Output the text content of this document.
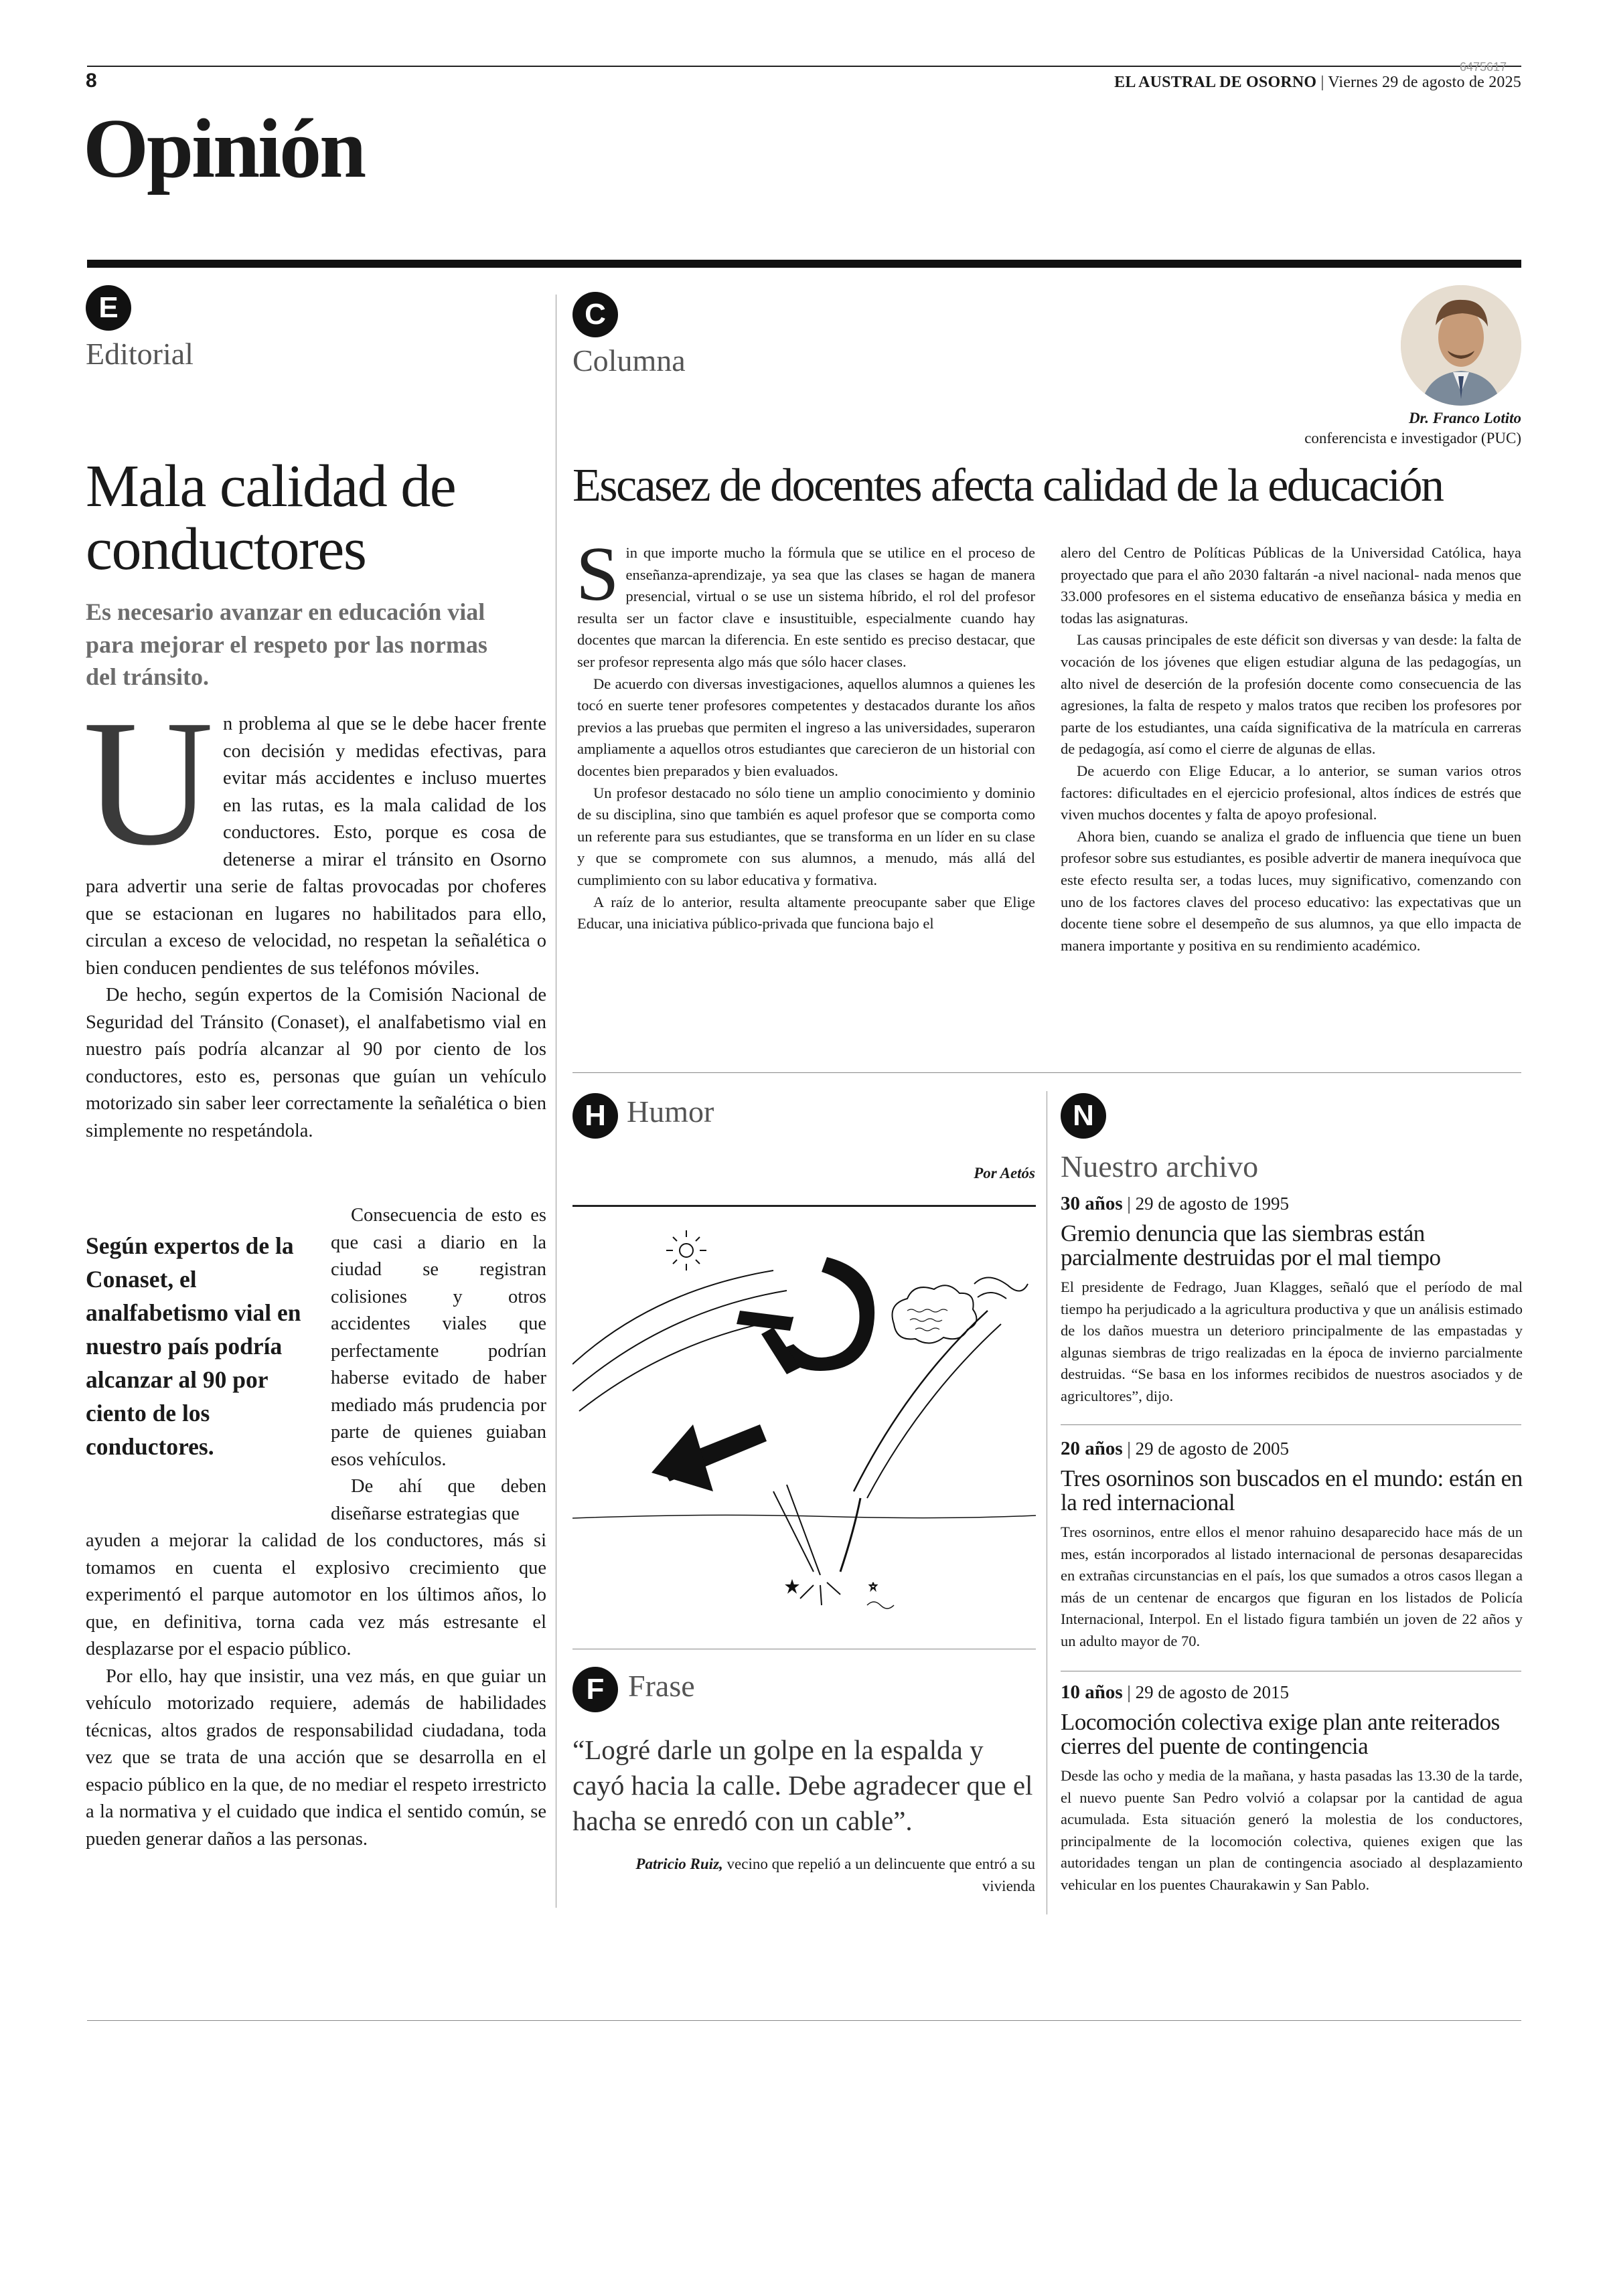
8
6475617
EL AUSTRAL DE OSORNO | Viernes 29 de agosto de 2025
Opinión
E
Editorial
Mala calidad de conductores
Es necesario avanzar en educación vial para mejorar el respeto por las normas del tránsito.

Un problema al que se le debe hacer frente con decisión y medidas efectivas, para evitar más accidentes e incluso muertes en las rutas, es la mala calidad de los conductores. Esto, porque es cosa de detenerse a mirar el tránsito en Osorno para advertir una serie de faltas provocadas por choferes que se estacionan en lugares no habilitados para ello, circulan a exceso de velocidad, no respetan la señalética o bien conducen pendientes de sus teléfonos móviles.

De hecho, según expertos de la Comisión Nacional de Seguridad del Tránsito (Conaset), el analfabetismo vial en nuestro país podría alcanzar al 90 por ciento de los conductores, esto es, personas que guían un vehículo motorizado sin saber leer correctamente la señalética o bien simplemente no respetándola.

Según expertos de la Conaset, el analfabetismo vial en nuestro país podría alcanzar al 90 por ciento de los conductores.

Consecuencia de esto es que casi a diario en la ciudad se registran colisiones y otros accidentes viales que perfectamente podrían haberse evitado de haber mediado más prudencia por parte de quienes guiaban esos vehículos.

De ahí que deben diseñarse estrategias que

ayuden a mejorar la calidad de los conductores, más si tomamos en cuenta el explosivo crecimiento que experimentó el parque automotor en los últimos años, lo que, en definitiva, torna cada vez más estresante el desplazarse por el espacio público.

Por ello, hay que insistir, una vez más, en que guiar un vehículo motorizado requiere, además de habilidades técnicas, altos grados de responsabilidad ciudadana, toda vez que se trata de una acción que se desarrolla en el espacio público en la que, de no mediar el respeto irrestricto a la normativa y el cuidado que indica el sentido común, se pueden generar daños a las personas.

C
Columna
Dr. Franco Lotito
conferencista e investigador (PUC)
Escasez de docentes afecta calidad de la educación

Sin que importe mucho la fórmula que se utilice en el proceso de enseñanza-aprendizaje, ya sea que las clases se hagan de manera presencial, virtual o se use un sistema híbrido, el rol del profesor resulta ser un factor clave e insustituible, especialmente cuando hay docentes que marcan la diferencia. En este sentido es preciso destacar, que ser profesor representa algo más que sólo hacer clases.

De acuerdo con diversas investigaciones, aquellos alumnos a quienes les tocó en suerte tener profesores competentes y destacados durante los años previos a las pruebas que permiten el ingreso a las universidades, superaron ampliamente a aquellos otros estudiantes que carecieron de un historial con docentes bien preparados y bien evaluados.

Un profesor destacado no sólo tiene un amplio conocimiento y dominio de su disciplina, sino que también es aquel profesor que se comporta como un referente para sus estudiantes, que se transforma en un líder en su clase y que se compromete con sus alumnos, a menudo, más allá del cumplimiento con su labor educativa y formativa.

A raíz de lo anterior, resulta altamente preocupante saber que Elige Educar, una iniciativa público-privada que funciona bajo el

alero del Centro de Políticas Públicas de la Universidad Católica, haya proyectado que para el año 2030 faltarán -a nivel nacional- nada menos que 33.000 profesores en el sistema educativo de enseñanza básica y media en todas las asignaturas.

Las causas principales de este déficit son diversas y van desde: la falta de vocación de los jóvenes que eligen estudiar alguna de las pedagogías, un alto nivel de deserción de la profesión docente como consecuencia de las agresiones, la falta de respeto y malos tratos que reciben los profesores por parte de los estudiantes, una caída significativa de la matrícula en carreras de pedagogía, así como el cierre de algunas de ellas.

De acuerdo con Elige Educar, a lo anterior, se suman varios otros factores: dificultades en el ejercicio profesional, altos índices de estrés que viven muchos docentes y falta de apoyo profesional.

Ahora bien, cuando se analiza el grado de influencia que tiene un buen profesor sobre sus estudiantes, es posible advertir de manera inequívoca que este efecto resulta ser, a todas luces, muy significativo, comenzando con uno de los factores claves del proceso educativo: las expectativas que un docente tiene sobre el desempeño de sus alumnos, ya que ello impacta de manera importante y positiva en su rendimiento académico.

H Humor
Por Aetós
F Frase
“Logré darle un golpe en la espalda y cayó hacia la calle. Debe agradecer que el hacha se enredó con un cable”.
Patricio Ruiz, vecino que repelió a un delincuente que entró a su vivienda
N
Nuestro archivo
30 años | 29 de agosto de 1995
Gremio denuncia que las siembras están parcialmente destruidas por el mal tiempo
El presidente de Fedrago, Juan Klagges, señaló que el período de mal tiempo ha perjudicado a la agricultura productiva y que un análisis estimado de los daños muestra un deterioro principalmente de las empastadas y algunas siembras de trigo realizadas en la época de invierno parcialmente destruidas. “Se basa en los informes recibidos de nuestros asociados y de agricultores”, dijo.
20 años | 29 de agosto de 2005
Tres osorninos son buscados en el mundo: están en la red internacional
Tres osorninos, entre ellos el menor rahuino desaparecido hace más de un mes, están incorporados al listado internacional de personas desaparecidas en extrañas circunstancias en el país, los que sumados a otros casos llegan a más de un centenar de encargos que figuran en los listados de Policía Internacional, Interpol. En el listado figura también un joven de 22 años y un adulto mayor de 70.
10 años | 29 de agosto de 2015
Locomoción colectiva exige plan ante reiterados cierres del puente de contingencia
Desde las ocho y media de la mañana, y hasta pasadas las 13.30 de la tarde, el nuevo puente San Pedro volvió a colapsar por la cantidad de agua acumulada. Esta situación generó la molestia de los conductores, principalmente de la locomoción colectiva, quienes exigen que las autoridades tengan un plan de contingencia asociado al desplazamiento vehicular en los puentes Chaurakawin y San Pablo.
